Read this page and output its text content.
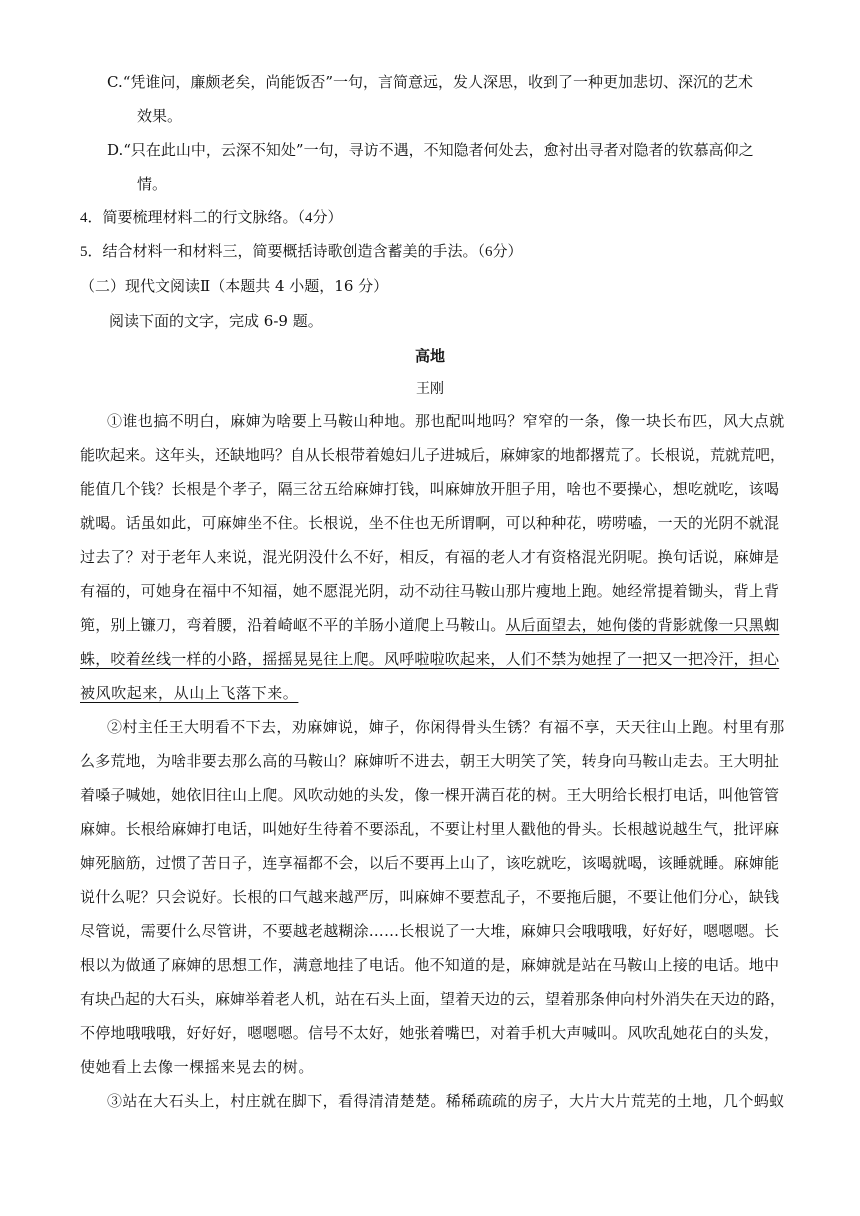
C.“凭谁问，廉颇老矣，尚能饭否”一句，言简意远，发人深思，收到了一种更加悲切、深沉的艺术
效果。
D.“只在此山中，云深不知处”一句，寻访不遇，不知隐者何处去，愈衬出寻者对隐者的钦慕高仰之
情。
4．简要梳理材料二的行文脉络。（4分）
5．结合材料一和材料三，简要概括诗歌创造含蓄美的手法。（6分）
（二）现代文阅读Ⅱ（本题共 4 小题，16 分）
阅读下面的文字，完成 6-9 题。
高地
王刚
①谁也搞不明白，麻婶为啥要上马鞍山种地。那也配叫地吗？窄窄的一条，像一块长布匹，风大点就
能吹起来。这年头，还缺地吗？自从长根带着媳妇儿子进城后，麻婶家的地都撂荒了。长根说，荒就荒吧，
能值几个钱？长根是个孝子，隔三岔五给麻婶打钱，叫麻婶放开胆子用，啥也不要操心，想吃就吃，该喝
就喝。话虽如此，可麻婶坐不住。长根说，坐不住也无所谓啊，可以种种花，唠唠嗑，一天的光阴不就混
过去了？对于老年人来说，混光阴没什么不好，相反，有福的老人才有资格混光阴呢。换句话说，麻婶是
有福的，可她身在福中不知福，她不愿混光阴，动不动往马鞍山那片瘦地上跑。她经常提着锄头，背上背
篼，别上镰刀，弯着腰，沿着崎岖不平的羊肠小道爬上马鞍山。从后面望去，她佝偻的背影就像一只黑蜘
蛛，咬着丝线一样的小路，摇摇晃晃往上爬。风呼啦啦吹起来，人们不禁为她捏了一把又一把冷汗，担心
被风吹起来，从山上飞落下来。
②村主任王大明看不下去，劝麻婶说，婶子，你闲得骨头生锈？有福不享，天天往山上跑。村里有那
么多荒地，为啥非要去那么高的马鞍山？麻婶听不进去，朝王大明笑了笑，转身向马鞍山走去。王大明扯
着嗓子喊她，她依旧往山上爬。风吹动她的头发，像一棵开满百花的树。王大明给长根打电话，叫他管管
麻婶。长根给麻婶打电话，叫她好生待着不要添乱，不要让村里人戳他的骨头。长根越说越生气，批评麻
婶死脑筋，过惯了苦日子，连享福都不会，以后不要再上山了，该吃就吃，该喝就喝，该睡就睡。麻婶能
说什么呢？只会说好。长根的口气越来越严厉，叫麻婶不要惹乱子，不要拖后腿，不要让他们分心，缺钱
尽管说，需要什么尽管讲，不要越老越糊涂……长根说了一大堆，麻婶只会哦哦哦，好好好，嗯嗯嗯。长
根以为做通了麻婶的思想工作，满意地挂了电话。他不知道的是，麻婶就是站在马鞍山上接的电话。地中
有块凸起的大石头，麻婶举着老人机，站在石头上面，望着天边的云，望着那条伸向村外消失在天边的路，
不停地哦哦哦，好好好，嗯嗯嗯。信号不太好，她张着嘴巴，对着手机大声喊叫。风吹乱她花白的头发，
使她看上去像一棵摇来晃去的树。
③站在大石头上，村庄就在脚下，看得清清楚楚。稀稀疏疏的房子，大片大片荒芜的土地，几个蚂蚁
